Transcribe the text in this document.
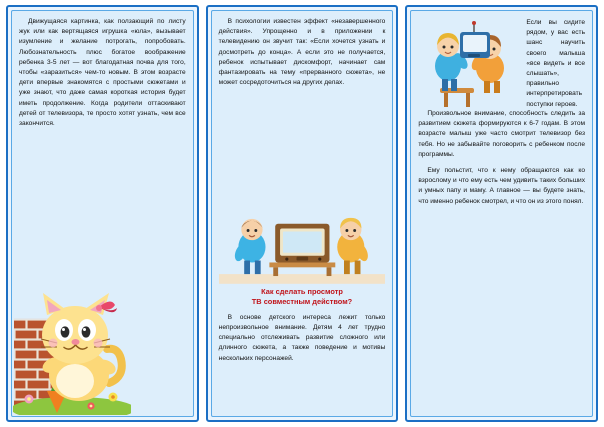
Движущаяся картинка, как ползающий по листу жук или как вертящаяся игрушка «юла», вызывает изумление и желание потрогать, попробовать. Любознательность плюс богатое воображение ребенка 3-5 лет — вот благодатная почва для того, чтобы «заразиться» чем-то новым. В этом возрасте дети впервые знакомятся с простыми сюжетами и уже знают, что даже самая короткая история будет иметь продолжение. Когда родители оттаскивают детей от телевизора, те просто хотят узнать, чем все закончится.

В психологии известен эффект «незавершенного действия». Упрощенно и в приложении к телевидению он звучит так: «Если хочется узнать и досмотреть до конца». А если это не получается, ребенок испытывает дискомфорт, начинает сам фантазировать на тему «прерванного сюжета», не может сосредоточиться на других делах.

Как сделать просмотр
ТВ совместным действом?

В основе детского интереса лежит только непроизвольное внимание. Детям 4 лет трудно специально отслеживать развитие сложного или длинного сюжета, а также поведение и мотивы нескольких персонажей.

Если вы сидите рядом, у вас есть шанс научить своего малыша «все видеть и все слышать», правильно интерпретировать поступки героев.

Произвольное внимание, способность следить за развитием сюжета формируются к 6-7 годам. В этом возрасте малыш уже часто смотрит телевизор без тебя. Но не забывайте поговорить с ребенком после программы.

Ему польстит, что к нему обращаются как ко взрослому и что ему есть чем удивить таких больших и умных папу и маму. А главное — вы будете знать, что именно ребенок смотрел, и что он из этого понял.
